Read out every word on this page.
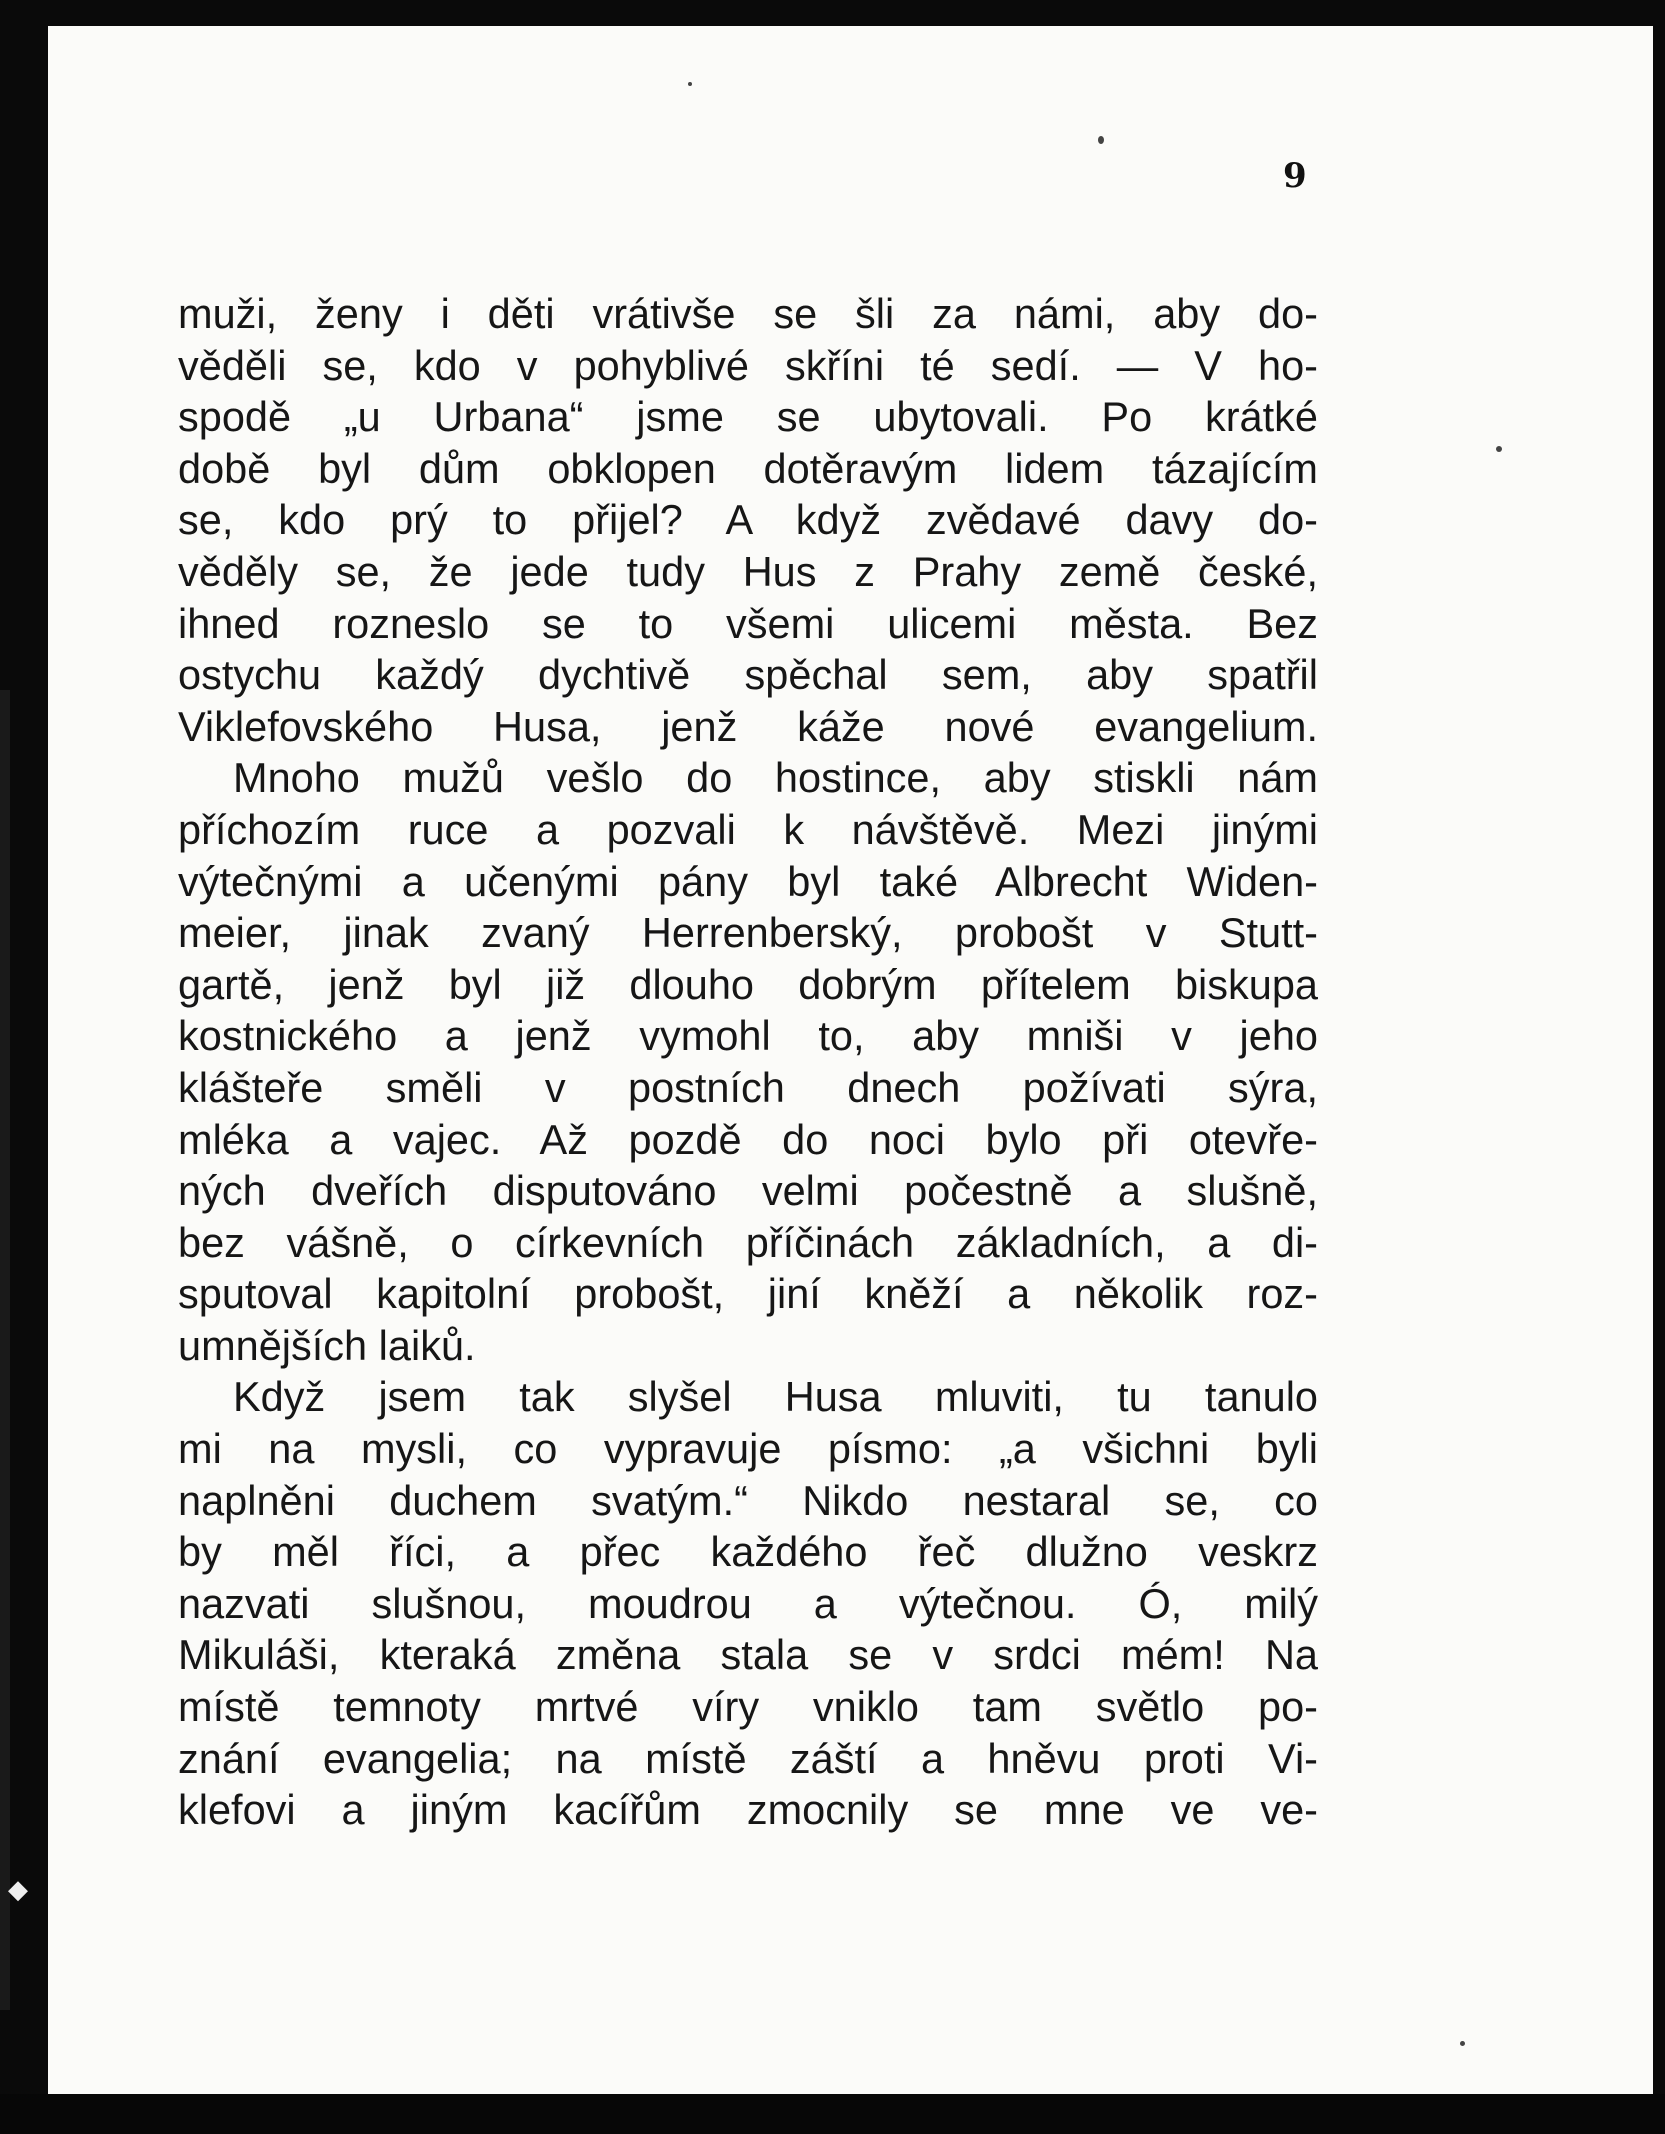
9
muži, ženy i děti vrátivše se šli za námi, aby do-
věděli se, kdo v pohyblivé skříni té sedí. — V ho-
spodě „u Urbana“ jsme se ubytovali. Po krátké
době byl dům obklopen dotěravým lidem tázajícím
se, kdo prý to přijel? A když zvědavé davy do-
věděly se, že jede tudy Hus z Prahy země české,
ihned rozneslo se to všemi ulicemi města. Bez
ostychu každý dychtivě spěchal sem, aby spatřil
Viklefovského Husa, jenž káže nové evangelium.
Mnoho mužů vešlo do hostince, aby stiskli nám
příchozím ruce a pozvali k návštěvě. Mezi jinými
výtečnými a učenými pány byl také Albrecht Widen-
meier, jinak zvaný Herrenberský, probošt v Stutt-
gartě, jenž byl již dlouho dobrým přítelem biskupa
kostnického a jenž vymohl to, aby mniši v jeho
klášteře směli v postních dnech požívati sýra,
mléka a vajec. Až pozdě do noci bylo při otevře-
ných dveřích disputováno velmi počestně a slušně,
bez vášně, o církevních příčinách základních, a di-
sputoval kapitolní probošt, jiní kněží a několik roz-
umnějších laiků.
Když jsem tak slyšel Husa mluviti, tu tanulo
mi na mysli, co vypravuje písmo: „a všichni byli
naplněni duchem svatým.“ Nikdo nestaral se, co
by měl říci, a přec každého řeč dlužno veskrz
nazvati slušnou, moudrou a výtečnou. Ó, milý
Mikuláši, kteraká změna stala se v srdci mém! Na
místě temnoty mrtvé víry vniklo tam světlo po-
znání evangelia; na místě záští a hněvu proti Vi-
klefovi a jiným kacířům zmocnily se mne ve ve-
◆
